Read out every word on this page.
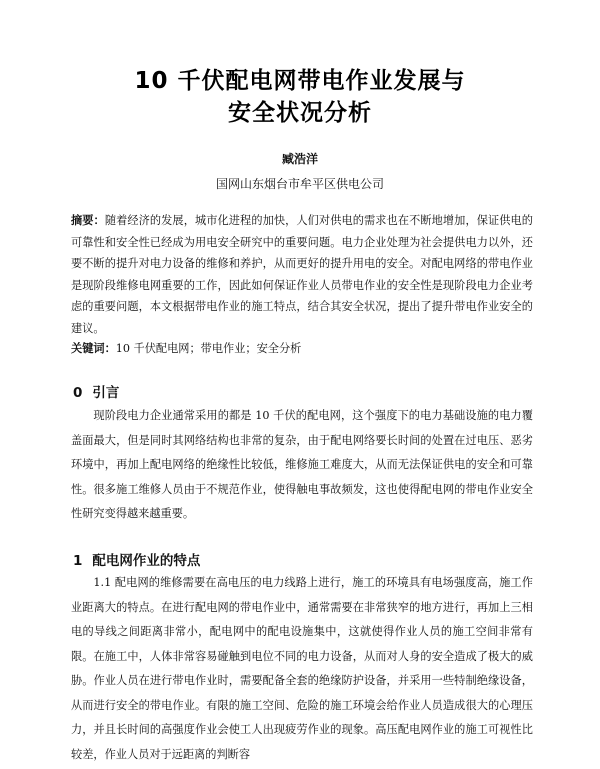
10 千伏配电网带电作业发展与
安全状况分析
臧浩洋
国网山东烟台市牟平区供电公司
摘要：随着经济的发展，城市化进程的加快，人们对供电的需求也在不断地增加，保证供电的可靠性和安全性已经成为用电安全研究中的重要问题。电力企业处理为社会提供电力以外，还要不断的提升对电力设备的维修和养护，从而更好的提升用电的安全。对配电网络的带电作业是现阶段维修电网重要的工作，因此如何保证作业人员带电作业的安全性是现阶段电力企业考虑的重要问题，本文根据带电作业的施工特点，结合其安全状况，提出了提升带电作业安全的建议。
关键词：10 千伏配电网；带电作业；安全分析
0 引言
现阶段电力企业通常采用的都是 10 千伏的配电网，这个强度下的电力基础设施的电力覆盖面最大，但是同时其网络结构也非常的复杂，由于配电网络要长时间的处置在过电压、恶劣环境中，再加上配电网络的绝缘性比较低，维修施工难度大，从而无法保证供电的安全和可靠性。很多施工维修人员由于不规范作业，使得触电事故频发，这也使得配电网的带电作业安全性研究变得越来越重要。
1 配电网作业的特点
1.1 配电网的维修需要在高电压的电力线路上进行，施工的环境具有电场强度高，施工作业距离大的特点。在进行配电网的带电作业中，通常需要在非常狭窄的地方进行，再加上三相电的导线之间距离非常小，配电网中的配电设施集中，这就使得作业人员的施工空间非常有限。在施工中，人体非常容易碰触到电位不同的电力设备，从而对人身的安全造成了极大的威胁。作业人员在进行带电作业时，需要配备全套的绝缘防护设备，并采用一些特制绝缘设备，从而进行安全的带电作业。有限的施工空间、危险的施工环境会给作业人员造成很大的心理压力，并且长时间的高强度作业会使工人出现疲劳作业的现象。高压配电网作业的施工可视性比较差，作业人员对于远距离的判断容
